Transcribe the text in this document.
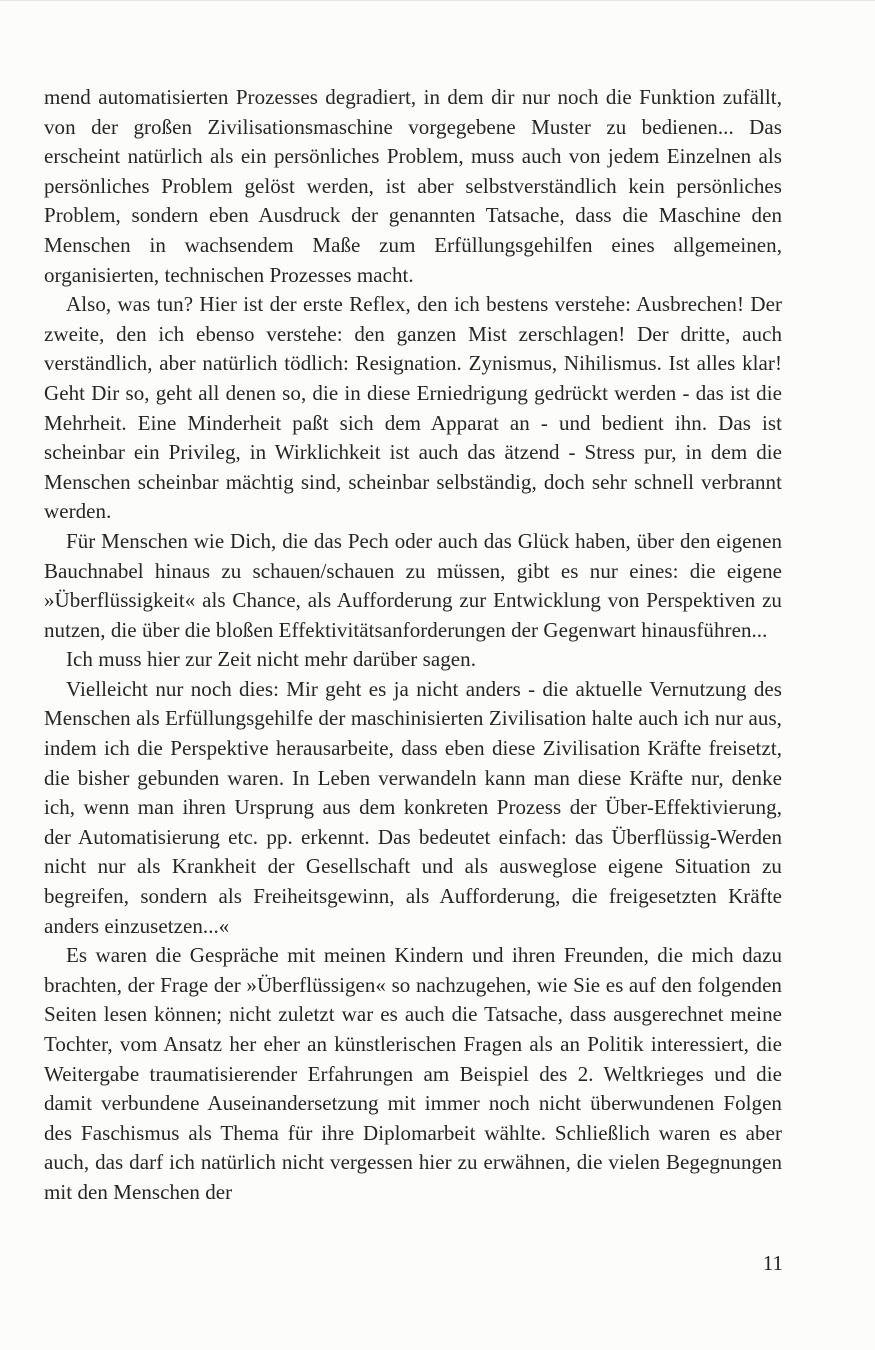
mend automatisierten Prozesses degradiert, in dem dir nur noch die Funktion zufällt, von der großen Zivilisationsmaschine vorgegebene Muster zu bedienen... Das erscheint natürlich als ein persönliches Problem, muss auch von jedem Einzelnen als persönliches Problem gelöst werden, ist aber selbstverständlich kein persönliches Problem, sondern eben Ausdruck der genannten Tatsache, dass die Maschine den Menschen in wachsendem Maße zum Erfüllungsgehilfen eines allgemeinen, organisierten, technischen Prozesses macht.

Also, was tun? Hier ist der erste Reflex, den ich bestens verstehe: Ausbrechen! Der zweite, den ich ebenso verstehe: den ganzen Mist zerschlagen! Der dritte, auch verständlich, aber natürlich tödlich: Resignation. Zynismus, Nihilismus. Ist alles klar! Geht Dir so, geht all denen so, die in diese Erniedrigung gedrückt werden - das ist die Mehrheit. Eine Minderheit paßt sich dem Apparat an - und bedient ihn. Das ist scheinbar ein Privileg, in Wirklichkeit ist auch das ätzend - Stress pur, in dem die Menschen scheinbar mächtig sind, scheinbar selbständig, doch sehr schnell verbrannt werden.

Für Menschen wie Dich, die das Pech oder auch das Glück haben, über den eigenen Bauchnabel hinaus zu schauen/schauen zu müssen, gibt es nur eines: die eigene »Überflüssigkeit« als Chance, als Aufforderung zur Entwicklung von Perspektiven zu nutzen, die über die bloßen Effektivitätsanforderungen der Gegenwart hinausführen...

Ich muss hier zur Zeit nicht mehr darüber sagen.

Vielleicht nur noch dies: Mir geht es ja nicht anders - die aktuelle Vernutzung des Menschen als Erfüllungsgehilfe der maschinisierten Zivilisation halte auch ich nur aus, indem ich die Perspektive herausarbeite, dass eben diese Zivilisation Kräfte freisetzt, die bisher gebunden waren. In Leben verwandeln kann man diese Kräfte nur, denke ich, wenn man ihren Ursprung aus dem konkreten Prozess der Über-Effektivierung, der Automatisierung etc. pp. erkennt. Das bedeutet einfach: das Überflüssig-Werden nicht nur als Krankheit der Gesellschaft und als ausweglose eigene Situation zu begreifen, sondern als Freiheitsgewinn, als Aufforderung, die freigesetzten Kräfte anders einzusetzen...«

Es waren die Gespräche mit meinen Kindern und ihren Freunden, die mich dazu brachten, der Frage der »Überflüssigen« so nachzugehen, wie Sie es auf den folgenden Seiten lesen können; nicht zuletzt war es auch die Tatsache, dass ausgerechnet meine Tochter, vom Ansatz her eher an künstlerischen Fragen als an Politik interessiert, die Weitergabe traumatisierender Erfahrungen am Beispiel des 2. Weltkrieges und die damit verbundene Auseinandersetzung mit immer noch nicht überwundenen Folgen des Faschismus als Thema für ihre Diplomarbeit wählte. Schließlich waren es aber auch, das darf ich natürlich nicht vergessen hier zu erwähnen, die vielen Begegnungen mit den Menschen der

11
